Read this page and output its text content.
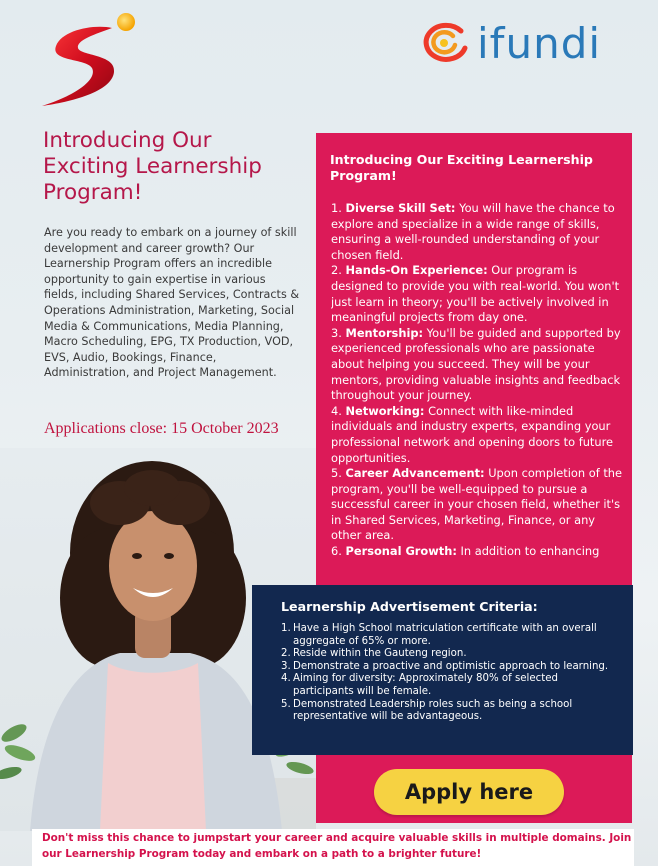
ifundi
Introducing Our Exciting Learnership Program!
Are you ready to embark on a journey of skill development and career growth? Our Learnership Program offers an incredible opportunity to gain expertise in various fields, including Shared Services, Contracts & Operations Administration, Marketing, Social Media & Communications, Media Planning, Macro Scheduling, EPG, TX Production, VOD, EVS, Audio, Bookings, Finance, Administration, and Project Management.
Applications close: 15 October 2023
Introducing Our Exciting Learnership Program!

1. Diverse Skill Set: You will have the chance to explore and specialize in a wide range of skills, ensuring a well-rounded understanding of your chosen field.

2. Hands-On Experience: Our program is designed to provide you with real-world. You won't just learn in theory; you'll be actively involved in meaningful projects from day one.

3. Mentorship: You'll be guided and supported by experienced professionals who are passionate about helping you succeed. They will be your mentors, providing valuable insights and feedback throughout your journey.

4. Networking: Connect with like-minded individuals and industry experts, expanding your professional network and opening doors to future opportunities.

5. Career Advancement: Upon completion of the program, you'll be well-equipped to pursue a successful career in your chosen field, whether it's in Shared Services, Marketing, Finance, or any other area.

6. Personal Growth: In addition to enhancing

Learnership Advertisement Criteria:
1. Have a High School matriculation certificate with an overall aggregate of 65% or more.
2. Reside within the Gauteng region.
3. Demonstrate a proactive and optimistic approach to learning.
4. Aiming for diversity: Approximately 80% of selected participants will be female.
5. Demonstrated Leadership roles such as being a school representative will be advantageous.
Apply here
Don't miss this chance to jumpstart your career and acquire valuable skills in multiple domains. Join our Learnership Program today and embark on a path to a brighter future!
